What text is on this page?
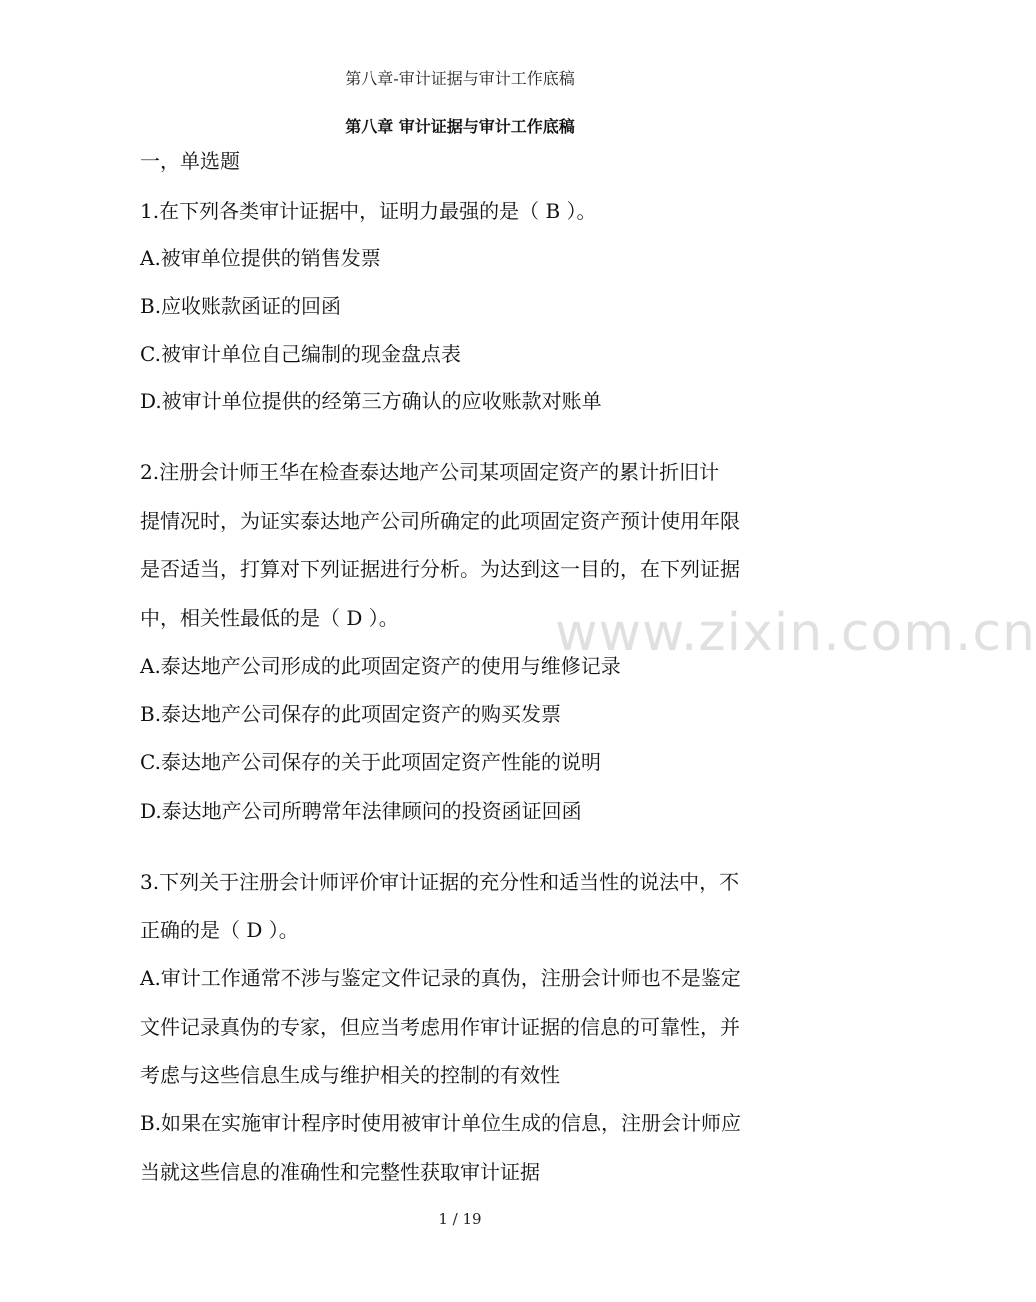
第八章-审计证据与审计工作底稿
第八章 审计证据与审计工作底稿
一，单选题
1.在下列各类审计证据中，证明力最强的是（ B ）。
A.被审单位提供的销售发票
B.应收账款函证的回函
C.被审计单位自己编制的现金盘点表
D.被审计单位提供的经第三方确认的应收账款对账单
2.注册会计师王华在检查泰达地产公司某项固定资产的累计折旧计
提情况时，为证实泰达地产公司所确定的此项固定资产预计使用年限
是否适当，打算对下列证据进行分析。为达到这一目的，在下列证据
中，相关性最低的是（ D ）。
A.泰达地产公司形成的此项固定资产的使用与维修记录
B.泰达地产公司保存的此项固定资产的购买发票
C.泰达地产公司保存的关于此项固定资产性能的说明
D.泰达地产公司所聘常年法律顾问的投资函证回函
3.下列关于注册会计师评价审计证据的充分性和适当性的说法中，不
正确的是（ D ）。
A.审计工作通常不涉与鉴定文件记录的真伪，注册会计师也不是鉴定
文件记录真伪的专家，但应当考虑用作审计证据的信息的可靠性，并
考虑与这些信息生成与维护相关的控制的有效性
B.如果在实施审计程序时使用被审计单位生成的信息，注册会计师应
当就这些信息的准确性和完整性获取审计证据
www.zixin.com.cn
1 / 19
